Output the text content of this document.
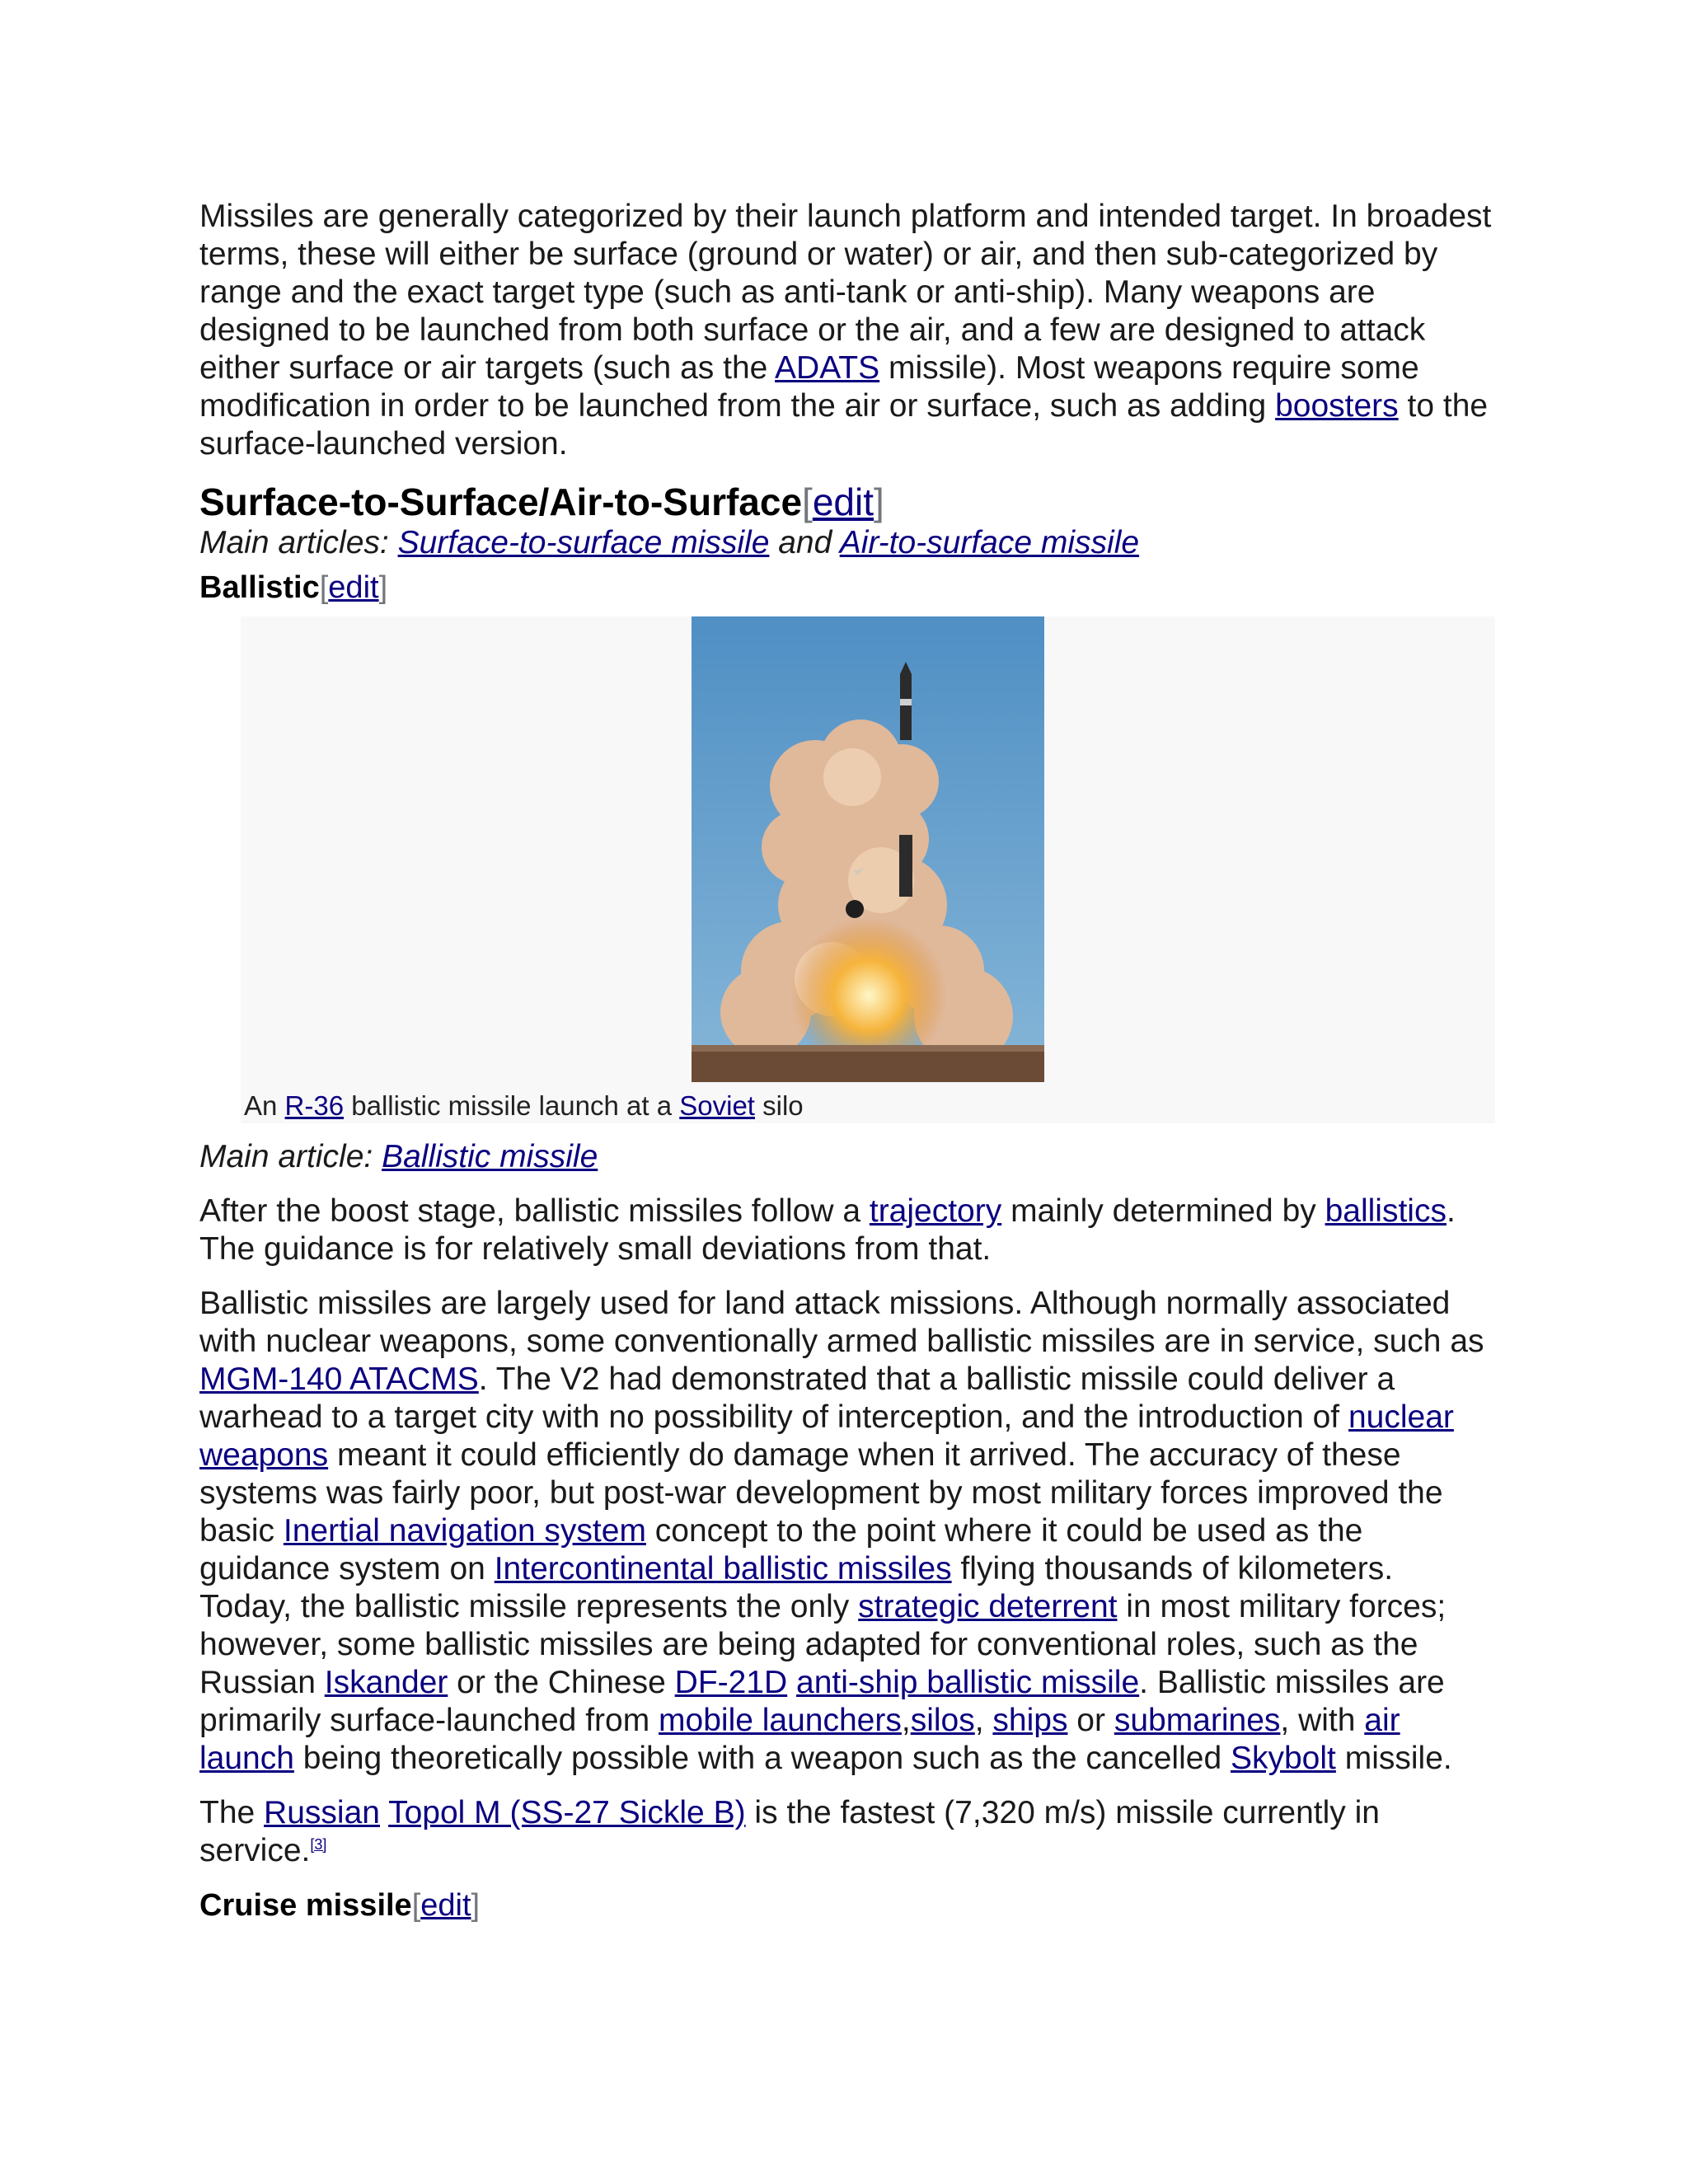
Missiles are generally categorized by their launch platform and intended target. In broadest terms, these will either be surface (ground or water) or air, and then sub-categorized by range and the exact target type (such as anti-tank or anti-ship). Many weapons are designed to be launched from both surface or the air, and a few are designed to attack either surface or air targets (such as the ADATS missile). Most weapons require some modification in order to be launched from the air or surface, such as adding boosters to the surface-launched version.

Surface-to-Surface/Air-to-Surface[edit]
Main articles: Surface-to-surface missile and Air-to-surface missile
Ballistic[edit]
An R-36 ballistic missile launch at a Soviet silo
Main article: Ballistic missile

After the boost stage, ballistic missiles follow a trajectory mainly determined by ballistics. The guidance is for relatively small deviations from that.

Ballistic missiles are largely used for land attack missions. Although normally associated with nuclear weapons, some conventionally armed ballistic missiles are in service, such as MGM-140 ATACMS. The V2 had demonstrated that a ballistic missile could deliver a warhead to a target city with no possibility of interception, and the introduction of nuclear weapons meant it could efficiently do damage when it arrived. The accuracy of these systems was fairly poor, but post-war development by most military forces improved the basic Inertial navigation system concept to the point where it could be used as the guidance system on Intercontinental ballistic missiles flying thousands of kilometers. Today, the ballistic missile represents the only strategic deterrent in most military forces; however, some ballistic missiles are being adapted for conventional roles, such as the Russian Iskander or the Chinese DF-21D anti-ship ballistic missile. Ballistic missiles are primarily surface-launched from mobile launchers,silos, ships or submarines, with air launch being theoretically possible with a weapon such as the cancelled Skybolt missile.

The Russian Topol M (SS-27 Sickle B) is the fastest (7,320 m/s) missile currently in service.[3]

Cruise missile[edit]
